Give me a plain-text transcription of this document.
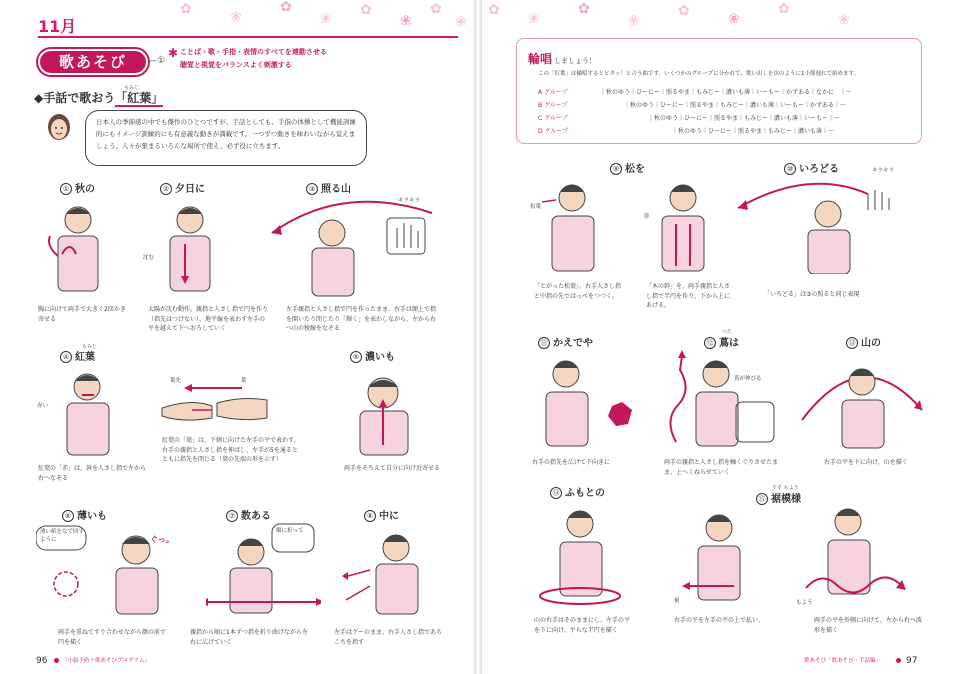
✿	❀
✿
❀
✿
❀
✿
❀
11月
歌あそび	—①
✱ ことば・歌・手指・表情のすべてを連動させる
聴覚と視覚をバランスよく刺激する
◆手話で歌おう「紅葉」
もみじ
日本人の季節感の中でも傑作のひとつですが、手話としても、手指の体操として機能訓練的にもイメージ訓練的にも有意義な動きが満載です。一つずつ動きを味わいながら覚えましょう。人々が集まるいろんな場所で使え、必ず役に立ちます。
① 秋の	② 夕日に	③ 照る山
沈む
キラキラ
胸に向けて両手で大きく2回かき寄せる
太陽が沈む動作。親指と人さし指で円を作り（指先はつけない）、地平線を表わす左手の平を越えて下へおろしていく
左手親指と人さし指で円を作ったまま、右手は顔上で指を開いたり閉じたり「輝く」を表わしながら、左から右へ山の稜線をなぞる
④ 紅葉
もみじ
⑤ 濃いも
赤い
葉先	葉
紅葉の「赤」は、唇を人さし指で左から右へなぞる
紅葉の「葉」は、下側に向けた左手の平で表わす。右手の親指と人さし指を伸ばし、左手が5を通るとともに指先を閉じる（葉の先端の形を示す）
両手をそろえて自分に向け近寄せる
⑥ 薄いも	⑦ 数ある	⑧ 中に
薄い紙をなで回すように	ぐっ。
順に折って
両手を重ねてすり合わせながら顔の前で円を描く
親指から順に1本ずつ指を折り曲げながら左右に広げていく
左手はグーのまま、右手人さし指であちこちを指す
96	『小脳予防＋歌あそびプログラム』
✿
❀
✿
❀
✿	❀
✿
❀
輪唱 しましょう！
この「紅葉」は輪唱するとピタッ！と合う曲です。いくつかのグループに分かれて、歌い出しを次のように1小節遅れで始めます。
A グループ	｜秋のゆう｜ひーにー｜照るやま｜もみじー｜濃いも薄｜いーもー｜かずある｜なかに　｜〜
B グループ	　　　　｜秋のゆう｜ひーにー｜照るやま｜もみじー｜濃いも薄｜いーもー｜かずある｜〜
C グループ	　　　　　　　　｜秋のゆう｜ひーにー｜照るやま｜もみじー｜濃いも薄｜いーもー｜〜
D グループ	　　　　　　　　　　　　｜秋のゆう｜ひーにー｜照るやま｜もみじー｜濃いも薄｜〜
⑨ 松を	⑩ いろどる
松葉
幹
キラキラ
「とがった松葉」。右手人さし指と中指の先ではっぺをつつく。
「木の幹」を、両手親指と人さし指で半円を作り、下から上にあげる。
「いろどる」は③の照ると同じ表現
⑪ かえでや	⑫ 蔦は
つた
⑬ 山の
蔦が伸びる
右手の指先を広げて下向きに	両手の親指と人さし指を軸くぐりさせたまま、上へくねらせていく
右手の平を下に向け、山を描く
⑭ ふもとの	⑮ 裾模様
すそ もよう
裾	もよう
山の右手はそのままにし、左手の平を下に向け、平らな半円を描く
右手の平を左手の平の上で払い、	両手の平を外側に向けて、左から右へ波形を描く
歌あそび「歌あそび・手話編」	97
